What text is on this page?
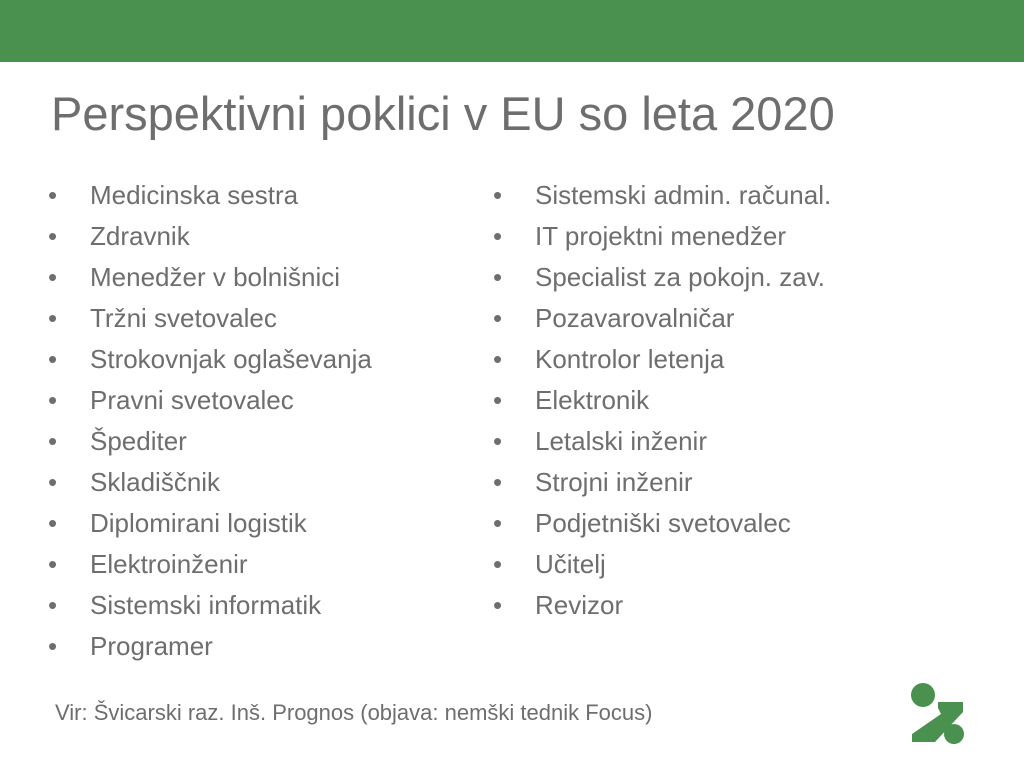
Perspektivni poklici v EU so leta 2020
•	Medicinska sestra
•	Zdravnik
•	Menedžer v bolnišnici
•	Tržni svetovalec
•	Strokovnjak oglaševanja
•	Pravni svetovalec
•	Špediter
•	Skladiščnik
•	Diplomirani logistik
•	Elektroinženir
•	Sistemski informatik
•	Programer
•	Sistemski admin. računal.
•	IT projektni menedžer
•	Specialist za pokojn. zav.
•	Pozavarovalničar
•	Kontrolor letenja
•	Elektronik
•	Letalski inženir
•	Strojni inženir
•	Podjetniški svetovalec
•	Učitelj
•	Revizor

Vir: Švicarski raz. Inš. Prognos (objava: nemški tednik Focus)
